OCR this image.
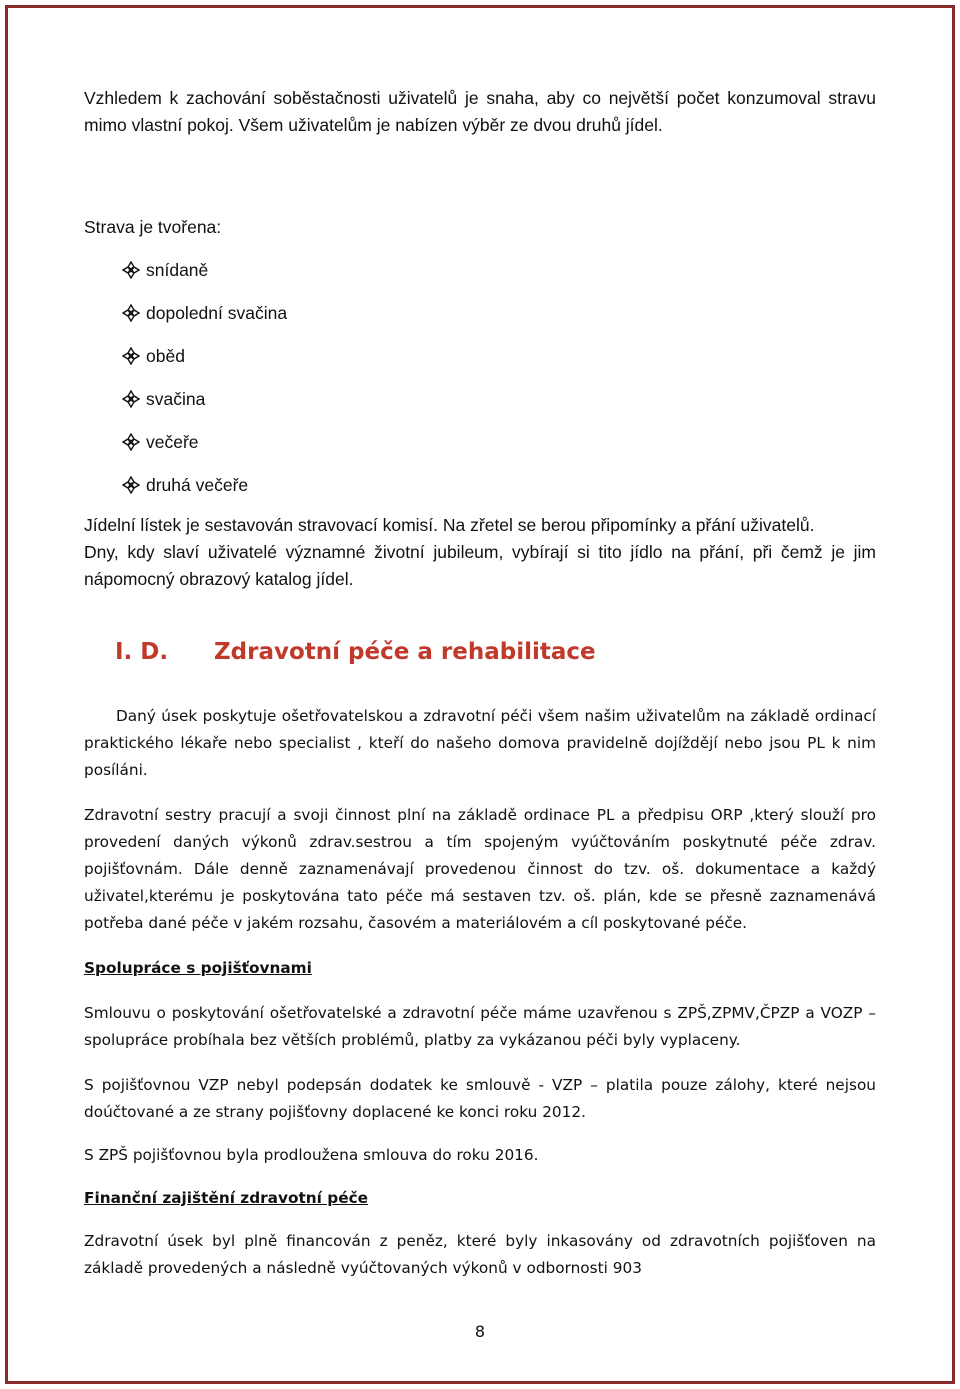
Vzhledem k zachování soběstačnosti uživatelů je snaha, aby co největší počet konzumoval stravu mimo vlastní pokoj. Všem uživatelům je nabízen výběr ze dvou druhů jídel.

Strava je tvořena:

snídaně
dopolední svačina
oběd
svačina
večeře
druhá večeře

Jídelní lístek je sestavován stravovací komisí. Na zřetel se berou připomínky a přání uživatelů.

Dny, kdy slaví uživatelé významné životní jubileum, vybírají si tito jídlo na přání, při čemž je jim nápomocný obrazový katalog jídel.

I. D. Zdravotní péče a rehabilitace

Daný úsek poskytuje ošetřovatelskou a zdravotní péči všem našim uživatelům na základě ordinací praktického lékaře nebo specialist , kteří do našeho domova pravidelně dojíždějí nebo jsou PL k nim posíláni.

Zdravotní sestry pracují a svoji činnost plní na základě ordinace PL a předpisu ORP ,který slouží pro provedení daných výkonů zdrav.sestrou a tím spojeným vyúčtováním poskytnuté péče zdrav. pojišťovnám. Dále denně zaznamenávají provedenou činnost do tzv. oš. dokumentace a každý uživatel,kterému je poskytována tato péče má sestaven tzv. oš. plán, kde se přesně zaznamenává potřeba dané péče v jakém rozsahu, časovém a materiálovém a cíl poskytované péče.

Spolupráce s pojišťovnami

Smlouvu o poskytování ošetřovatelské a zdravotní péče máme uzavřenou s ZPŠ,ZPMV,ČPZP a VOZP – spolupráce probíhala bez větších problémů, platby za vykázanou péči byly vyplaceny.

S pojišťovnou VZP nebyl podepsán dodatek ke smlouvě - VZP – platila pouze zálohy, které nejsou doúčtované a ze strany pojišťovny doplacené ke konci roku 2012.

S ZPŠ pojišťovnou byla prodloužena smlouva do roku 2016.

Finanční zajištění zdravotní péče

Zdravotní úsek byl plně financován z peněz, které byly inkasovány od zdravotních pojišťoven na základě provedených a následně vyúčtovaných výkonů v odbornosti 903

8
